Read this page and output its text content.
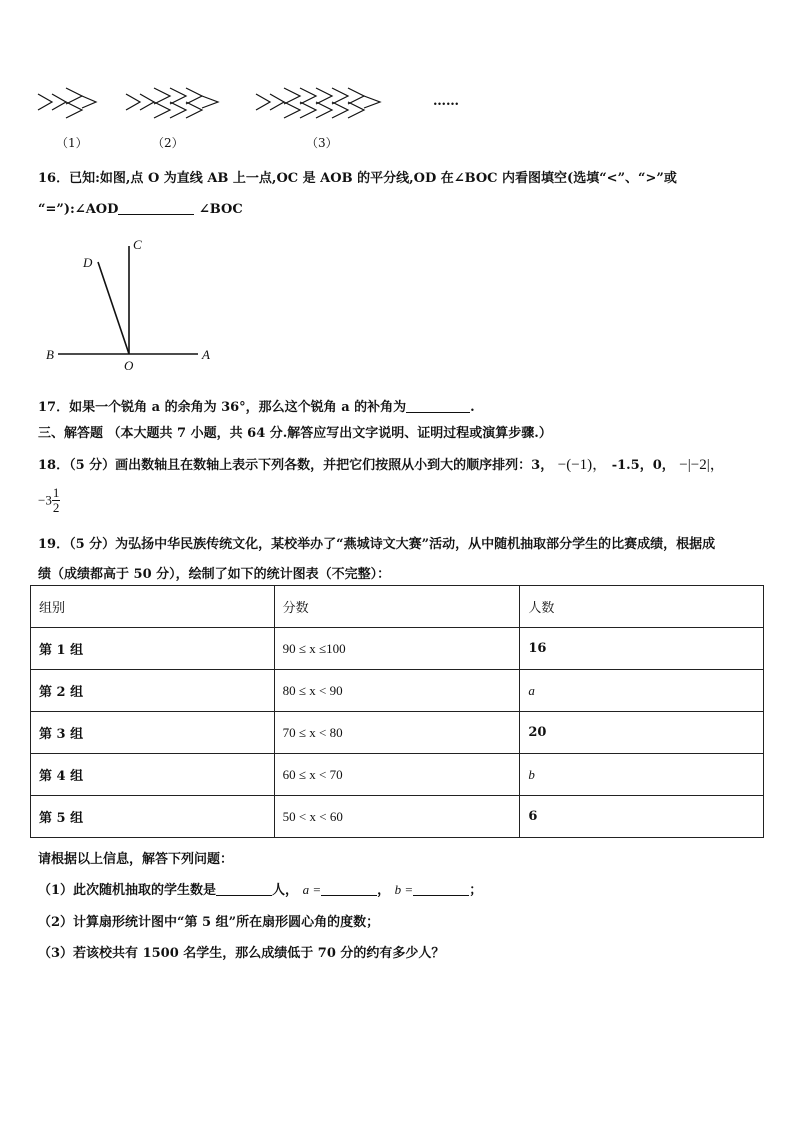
……
（1）	（2）	（3）
16．已知:如图,点 O 为直线 AB 上一点,OC 是 AOB 的平分线,OD 在∠BOC 内看图填空(选填“<”、“>”或
“=”):∠AOD	∠BOC
D
C
B
O
A
17．如果一个锐角 a 的余角为 36°，那么这个锐角 a 的补角为	.
三、解答题 （本大题共 7 小题，共 64 分.解答应写出文字说明、证明过程或演算步骤.）
18．（5 分）画出数轴且在数轴上表示下列各数，并把它们按照从小到大的顺序排列：3， −(−1)， -1.5，0， −|−2|，
$-3 \frac{1}{2}$
19．（5 分）为弘扬中华民族传统文化，某校举办了“燕城诗文大赛”活动，从中随机抽取部分学生的比赛成绩，根据成
绩（成绩都高于 50 分），绘制了如下的统计图表（不完整）：
组别	分数	人数
第 1 组	90 ≤ x ≤100	16
第 2 组	80 ≤ x < 90	a
第 3 组	70 ≤ x < 80	20
第 4 组	60 ≤ x < 70	b
第 5 组	50 < x < 60	6
请根据以上信息，解答下列问题：
（1）此次随机抽取的学生数是	人， a =	， b =	；
（2）计算扇形统计图中“第 5 组”所在扇形圆心角的度数；
（3）若该校共有 1500 名学生，那么成绩低于 70 分的约有多少人？
